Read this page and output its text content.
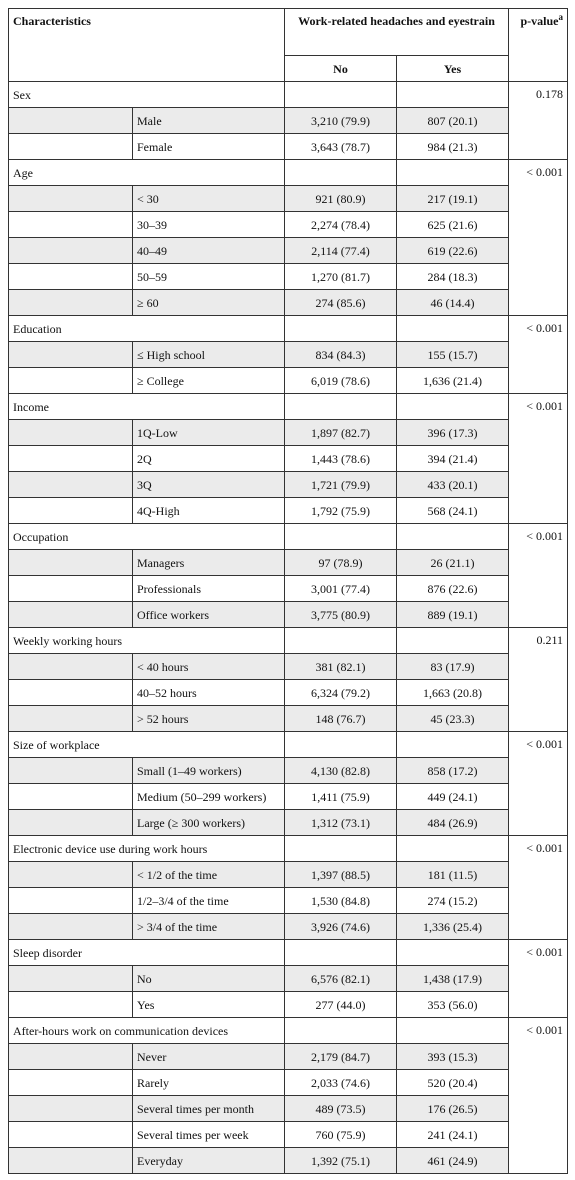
Characteristics		Work-related headaches and eyestrain		p-value$^a$
		No	Yes	
Sex				0.178
	Male	3,210 (79.9)	807 (20.1)	
	Female	3,643 (78.7)	984 (21.3)	
Age				< 0.001
	< 30	921 (80.9)	217 (19.1)	
	30–39	2,274 (78.4)	625 (21.6)	
	40–49	2,114 (77.4)	619 (22.6)	
	50–59	1,270 (81.7)	284 (18.3)	
	≥ 60	274 (85.6)	46 (14.4)	
Education				< 0.001
	≤ High school	834 (84.3)	155 (15.7)	
	≥ College	6,019 (78.6)	1,636 (21.4)	
Income				< 0.001
	1Q-Low	1,897 (82.7)	396 (17.3)	
	2Q	1,443 (78.6)	394 (21.4)	
	3Q	1,721 (79.9)	433 (20.1)	
	4Q-High	1,792 (75.9)	568 (24.1)	
Occupation				< 0.001
	Managers	97 (78.9)	26 (21.1)	
	Professionals	3,001 (77.4)	876 (22.6)	
	Office workers	3,775 (80.9)	889 (19.1)	
Weekly working hours				0.211
	< 40 hours	381 (82.1)	83 (17.9)	
	40–52 hours	6,324 (79.2)	1,663 (20.8)	
	> 52 hours	148 (76.7)	45 (23.3)	
Size of workplace				< 0.001
	Small (1–49 workers)	4,130 (82.8)	858 (17.2)	
	Medium (50–299 workers)	1,411 (75.9)	449 (24.1)	
	Large (≥ 300 workers)	1,312 (73.1)	484 (26.9)	
Electronic device use during work hours				< 0.001
	< 1/2 of the time	1,397 (88.5)	181 (11.5)	
	1/2–3/4 of the time	1,530 (84.8)	274 (15.2)	
	> 3/4 of the time	3,926 (74.6)	1,336 (25.4)	
Sleep disorder				< 0.001
	No	6,576 (82.1)	1,438 (17.9)	
	Yes	277 (44.0)	353 (56.0)	
After-hours work on communication devices				< 0.001
	Never	2,179 (84.7)	393 (15.3)	
	Rarely	2,033 (74.6)	520 (20.4)	
	Several times per month	489 (73.5)	176 (26.5)	
	Several times per week	760 (75.9)	241 (24.1)	
	Everyday	1,392 (75.1)	461 (24.9)	
